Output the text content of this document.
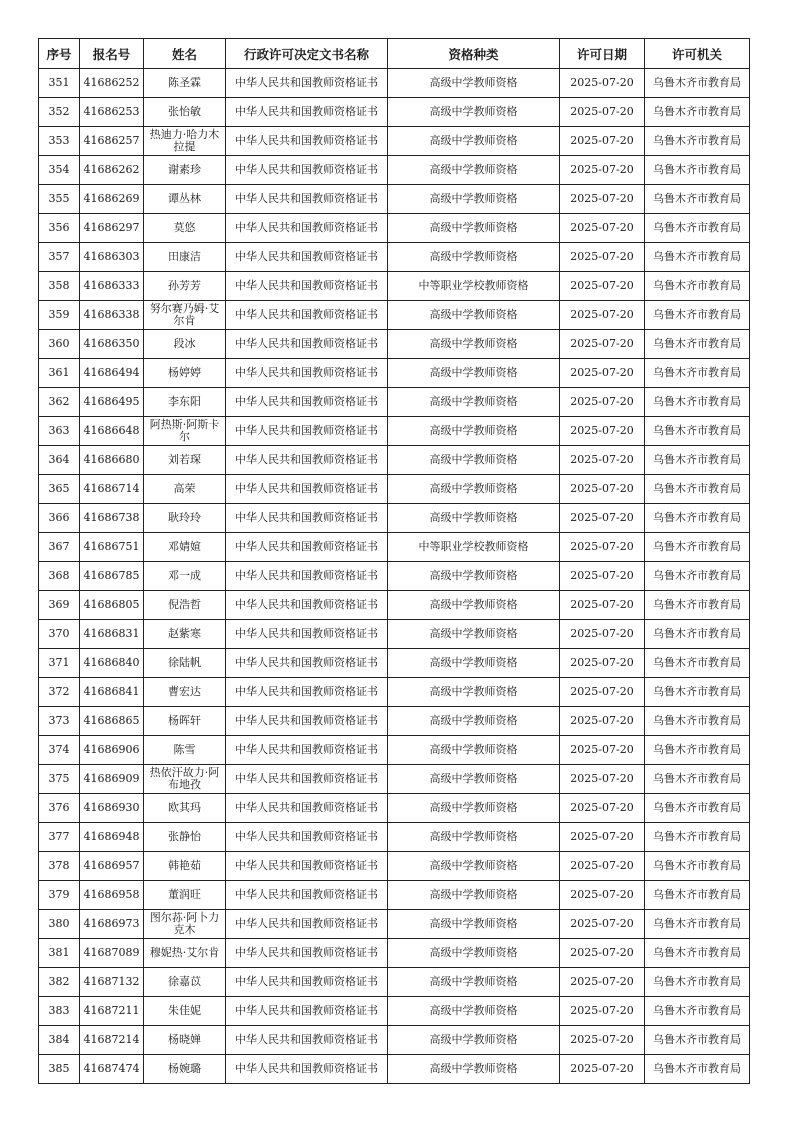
序号	报名号	姓名	行政许可决定文书名称	资格种类	许可日期	许可机关
351	41686252	陈圣霖	中华人民共和国教师资格证书	高级中学教师资格	2025-07-20	乌鲁木齐市教育局
352	41686253	张怡敏	中华人民共和国教师资格证书	高级中学教师资格	2025-07-20	乌鲁木齐市教育局
353	41686257	热迪力·哈力木拉提	中华人民共和国教师资格证书	高级中学教师资格	2025-07-20	乌鲁木齐市教育局
354	41686262	谢素珍	中华人民共和国教师资格证书	高级中学教师资格	2025-07-20	乌鲁木齐市教育局
355	41686269	谭丛林	中华人民共和国教师资格证书	高级中学教师资格	2025-07-20	乌鲁木齐市教育局
356	41686297	莫悠	中华人民共和国教师资格证书	高级中学教师资格	2025-07-20	乌鲁木齐市教育局
357	41686303	田康洁	中华人民共和国教师资格证书	高级中学教师资格	2025-07-20	乌鲁木齐市教育局
358	41686333	孙芳芳	中华人民共和国教师资格证书	中等职业学校教师资格	2025-07-20	乌鲁木齐市教育局
359	41686338	努尔赛乃姆·艾尔肯	中华人民共和国教师资格证书	高级中学教师资格	2025-07-20	乌鲁木齐市教育局
360	41686350	段冰	中华人民共和国教师资格证书	高级中学教师资格	2025-07-20	乌鲁木齐市教育局
361	41686494	杨婷婷	中华人民共和国教师资格证书	高级中学教师资格	2025-07-20	乌鲁木齐市教育局
362	41686495	李东阳	中华人民共和国教师资格证书	高级中学教师资格	2025-07-20	乌鲁木齐市教育局
363	41686648	阿热斯·阿斯卡尔	中华人民共和国教师资格证书	高级中学教师资格	2025-07-20	乌鲁木齐市教育局
364	41686680	刘若琛	中华人民共和国教师资格证书	高级中学教师资格	2025-07-20	乌鲁木齐市教育局
365	41686714	高荣	中华人民共和国教师资格证书	高级中学教师资格	2025-07-20	乌鲁木齐市教育局
366	41686738	耿玲玲	中华人民共和国教师资格证书	高级中学教师资格	2025-07-20	乌鲁木齐市教育局
367	41686751	邓婧媗	中华人民共和国教师资格证书	中等职业学校教师资格	2025-07-20	乌鲁木齐市教育局
368	41686785	邓一成	中华人民共和国教师资格证书	高级中学教师资格	2025-07-20	乌鲁木齐市教育局
369	41686805	倪浩哲	中华人民共和国教师资格证书	高级中学教师资格	2025-07-20	乌鲁木齐市教育局
370	41686831	赵紫寒	中华人民共和国教师资格证书	高级中学教师资格	2025-07-20	乌鲁木齐市教育局
371	41686840	徐陆帆	中华人民共和国教师资格证书	高级中学教师资格	2025-07-20	乌鲁木齐市教育局
372	41686841	曹宏达	中华人民共和国教师资格证书	高级中学教师资格	2025-07-20	乌鲁木齐市教育局
373	41686865	杨晖轩	中华人民共和国教师资格证书	高级中学教师资格	2025-07-20	乌鲁木齐市教育局
374	41686906	陈雪	中华人民共和国教师资格证书	高级中学教师资格	2025-07-20	乌鲁木齐市教育局
375	41686909	热依汗故力·阿布地孜	中华人民共和国教师资格证书	高级中学教师资格	2025-07-20	乌鲁木齐市教育局
376	41686930	欧其玛	中华人民共和国教师资格证书	高级中学教师资格	2025-07-20	乌鲁木齐市教育局
377	41686948	张静怡	中华人民共和国教师资格证书	高级中学教师资格	2025-07-20	乌鲁木齐市教育局
378	41686957	韩艳茹	中华人民共和国教师资格证书	高级中学教师资格	2025-07-20	乌鲁木齐市教育局
379	41686958	董润旺	中华人民共和国教师资格证书	高级中学教师资格	2025-07-20	乌鲁木齐市教育局
380	41686973	图尔荪·阿卜力克木	中华人民共和国教师资格证书	高级中学教师资格	2025-07-20	乌鲁木齐市教育局
381	41687089	穆妮热·艾尔肯	中华人民共和国教师资格证书	高级中学教师资格	2025-07-20	乌鲁木齐市教育局
382	41687132	徐嘉苡	中华人民共和国教师资格证书	高级中学教师资格	2025-07-20	乌鲁木齐市教育局
383	41687211	朱佳妮	中华人民共和国教师资格证书	高级中学教师资格	2025-07-20	乌鲁木齐市教育局
384	41687214	杨晓婵	中华人民共和国教师资格证书	高级中学教师资格	2025-07-20	乌鲁木齐市教育局
385	41687474	杨婉璐	中华人民共和国教师资格证书	高级中学教师资格	2025-07-20	乌鲁木齐市教育局
